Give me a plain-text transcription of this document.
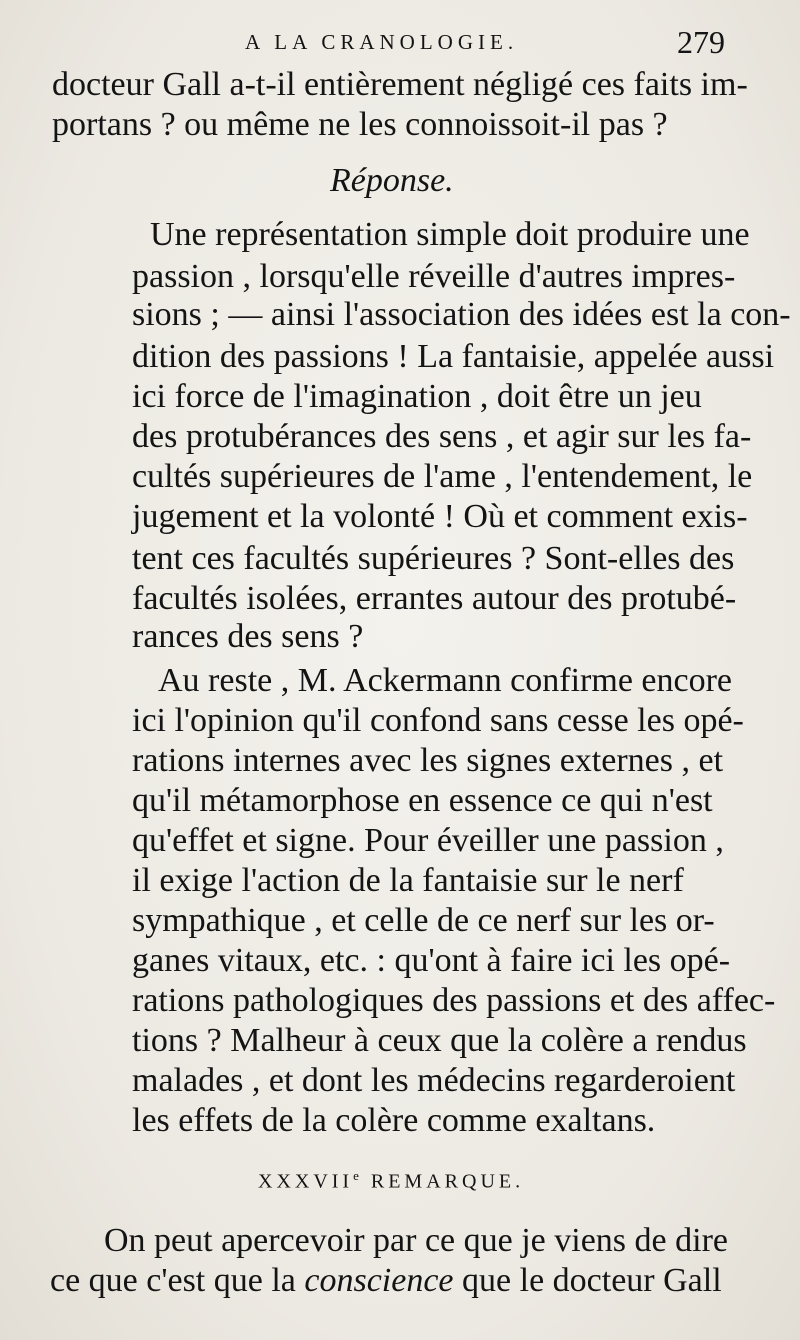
A LA CRANOLOGIE.	279
docteur Gall a-t-il entièrement négligé ces faits im-
portans ? ou même ne les connoissoit-il pas ?
Réponse.
Une représentation simple doit produire une
passion , lorsqu'elle réveille d'autres impres-
sions ; — ainsi l'association des idées est la con-
dition des passions ! La fantaisie, appelée aussi
ici force de l'imagination , doit être un jeu
des protubérances des sens , et agir sur les fa-
cultés supérieures de l'ame , l'entendement, le
jugement et la volonté ! Où et comment exis-
tent ces facultés supérieures ? Sont-elles des
facultés isolées, errantes autour des protubé-
rances des sens ?
Au reste , M. Ackermann confirme encore
ici l'opinion qu'il confond sans cesse les opé-
rations internes avec les signes externes , et
qu'il métamorphose en essence ce qui n'est
qu'effet et signe. Pour éveiller une passion ,
il exige l'action de la fantaisie sur le nerf
sympathique , et celle de ce nerf sur les or-
ganes vitaux, etc. : qu'ont à faire ici les opé-
rations pathologiques des passions et des affec-
tions ? Malheur à ceux que la colère a rendus
malades , et dont les médecins regarderoient
les effets de la colère comme exaltans.
XXXVIIe REMARQUE.
On peut apercevoir par ce que je viens de dire
ce que c'est que la conscience que le docteur Gall
